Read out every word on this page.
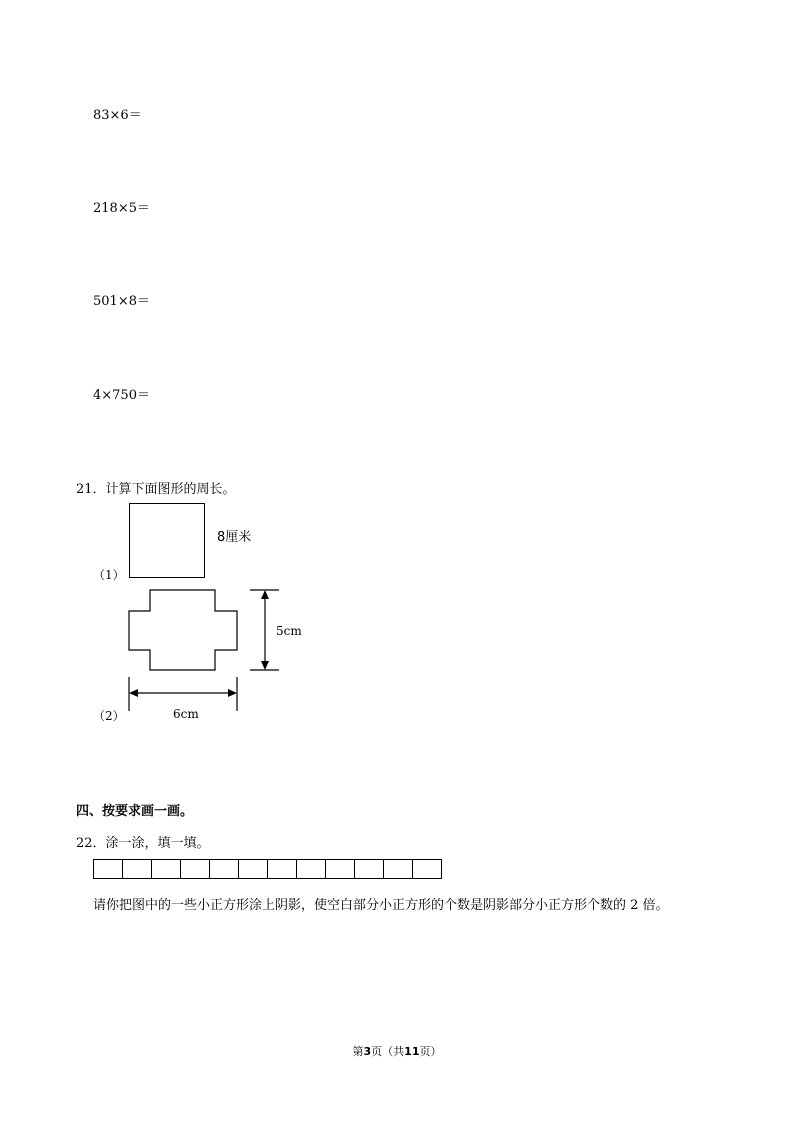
83×6＝
218×5＝
501×8＝
4×750＝
21．计算下面图形的周长。
8厘米
（1）
5cm
（2）	6cm
四、按要求画一画。
22．涂一涂，填一填。
请你把图中的一些小正方形涂上阴影，使空白部分小正方形的个数是阴影部分小正方形个数的 2 倍。
第3页（共11页）
